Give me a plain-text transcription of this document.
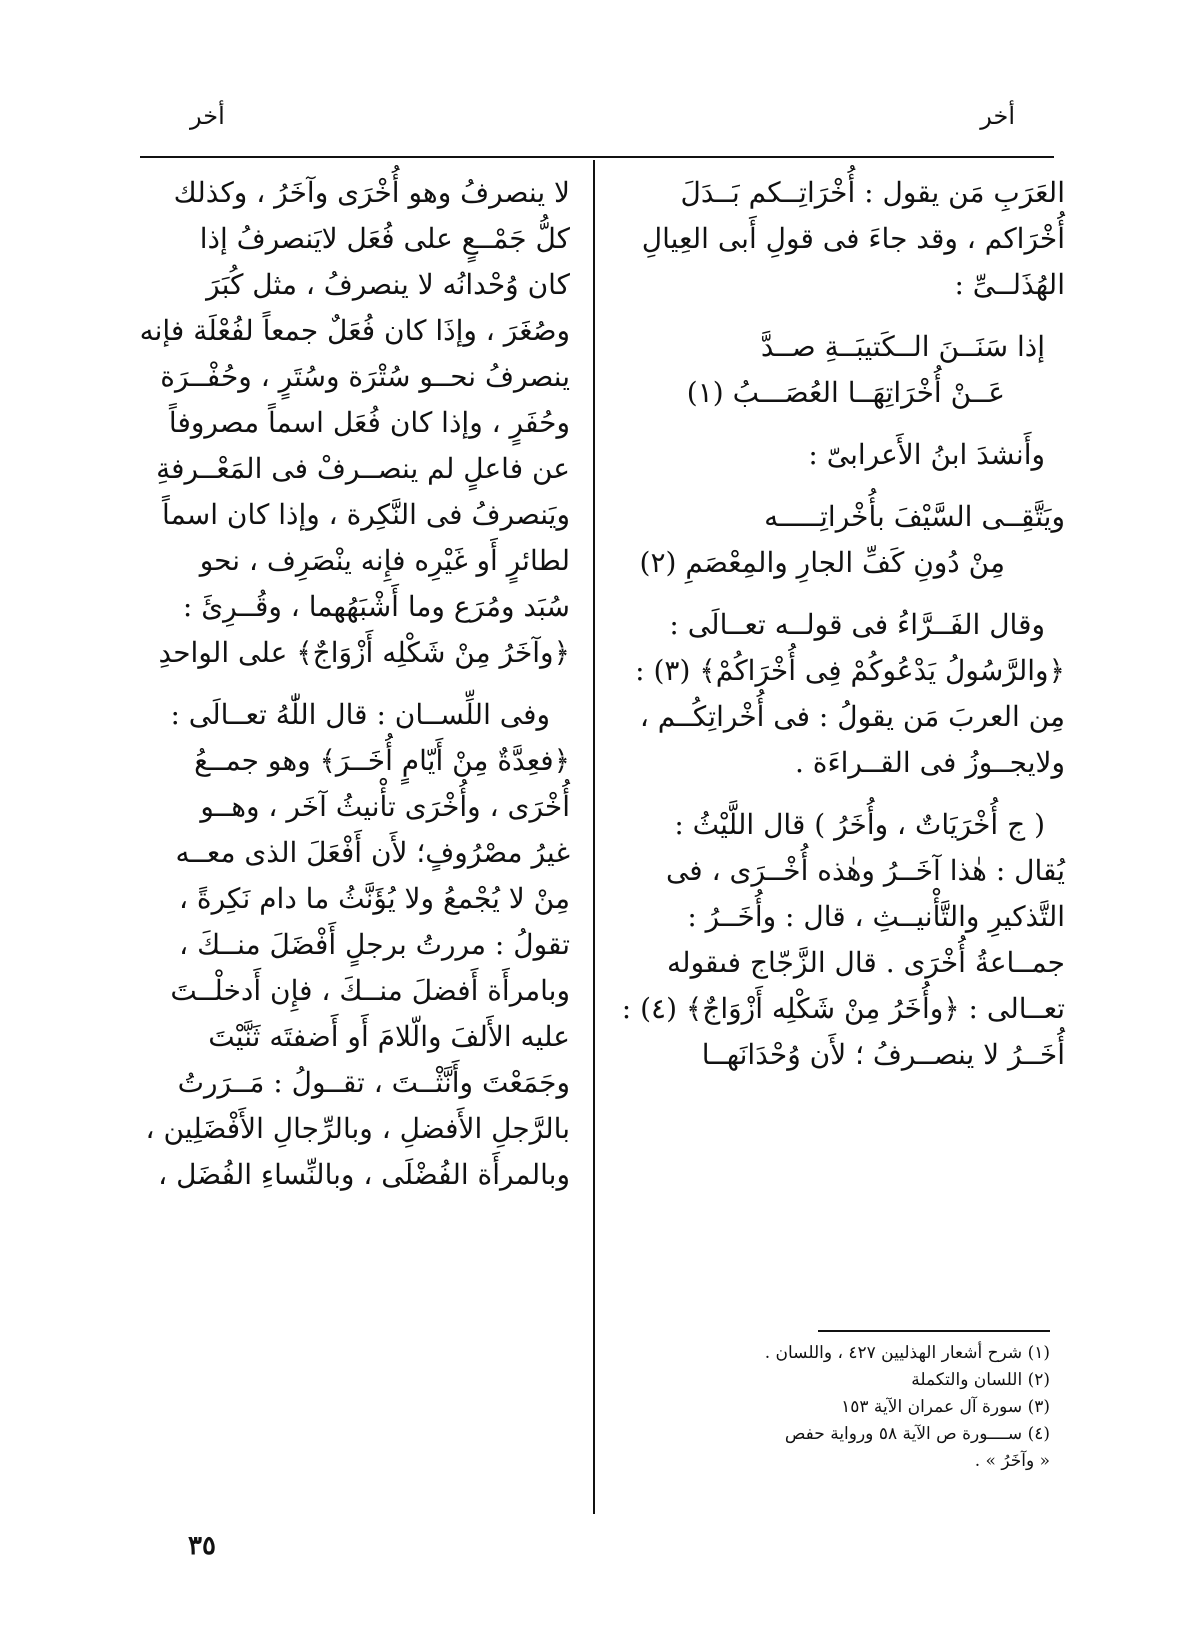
أخر
أخر
العَرَبِ مَن يقول : أُخْرَاتِــكم بَــدَلَ
أُخْرَاكم ، وقد جاءَ فى قولِ أَبى العِيالِ
الهُذَلــىِّ :
إذا سَنَــنَ الــكَتيبَــةِ صــدَّ
عَــنْ أُخْرَاتِهَــا العُصَـــبُ (١)
وأَنشدَ ابنُ الأَعرابىّ :
ويَتَّقِــى السَّيْفَ بأُخْراتِـــــه
مِنْ دُونِ كَفِّ الجارِ والمِعْصَمِ (٢)
وقال الفَــرَّاءُ فى قولــه تعــالَى :
﴿والرَّسُولُ يَدْعُوكُمْ فِى أُخْرَاكُمْ﴾ (٣) :
مِن العربَ مَن يقولُ : فى أُخْراتِكُــم ،
ولايجــوزُ فى القــراءَة .
( ج أُخْرَيَاتٌ ، وأُخَرُ ) قال اللَّيْثُ :
يُقال : هٰذا آخَــرُ وهٰذه أُخْــرَى ، فى
التَّذكيرِ والتَّأْنيــثِ ، قال : وأُخَــرُ :
جمــاعةُ أُخْرَى . قال الزَّجّاج فىقوله
تعــالى : ﴿وأُخَرُ مِنْ شَكْلِه أَزْوَاجٌ﴾ (٤) :
أُخَــرُ لا ينصــرفُ ؛ لأَن وُحْدَانَهــا
لا ينصرفُ وهو أُخْرَى وآخَرُ ، وكذلك
كلُّ جَمْــعٍ على فُعَل لايَنصرفُ إذا
كان وُحْدانُه لا ينصرفُ ، مثل كُبَرَ
وصُغَرَ ، وإذَا كان فُعَلٌ جمعاً لفُعْلَة فإنه
ينصرفُ نحــو سُتْرَة وسُتَرٍ ، وحُفْــرَة
وحُفَرٍ ، وإذا كان فُعَل اسماً مصروفاً
عن فاعلٍ لم ينصــرفْ فى المَعْــرفةِ
ويَنصرفُ فى النَّكِرة ، وإذا كان اسماً
لطائرٍ أَو غَيْرِه فإِنه ينْصَرِف ، نحو
سُبَد ومُرَع وما أَشْبَهُهما ، وقُــرِئَ :
﴿وآخَرُ مِنْ شَكْلِه أَزْوَاجٌ﴾ على الواحدِ
وفى اللِّســان : قال اللّٰهُ تعــالَى :
﴿فعِدَّةٌ مِنْ أَيّامٍ أُخَــرَ﴾ وهو جمــعُ
أُخْرَى ، وأُخْرَى تأْنيثُ آخَر ، وهــو
غيرُ مصْرُوفٍ؛ لأَن أَفْعَلَ الذى معــه
مِنْ لا يُجْمعُ ولا يُؤَنَّثُ ما دام نَكِرةً ،
تقولُ : مررتُ برجلٍ أَفْضَلَ منــكَ ،
وبامرأَة أَفضلَ منــكَ ، فإِن أَدخلْــتَ
عليه الأَلفَ والّلامَ أَو أَضفتَه ثَنَّيْتَ
وجَمَعْتَ وأَنَّثْــتَ ، تقــولُ : مَــرَرتُ
بالرَّجلِ الأَفضلِ ، وبالرِّجالِ الأَفْضَلِين ،
وبالمرأَة الفُضْلَى ، وبالنِّساءِ الفُضَل ،
(١) شرح أشعار الهذليين ٤٢٧ ، واللسان .
(٢) اللسان والتكملة
(٣) سورة آل عمران الآية ١٥٣
(٤) ســــورة ص الآية ٥٨ ورواية حفص
« وآخَرُ » .
٣٥
